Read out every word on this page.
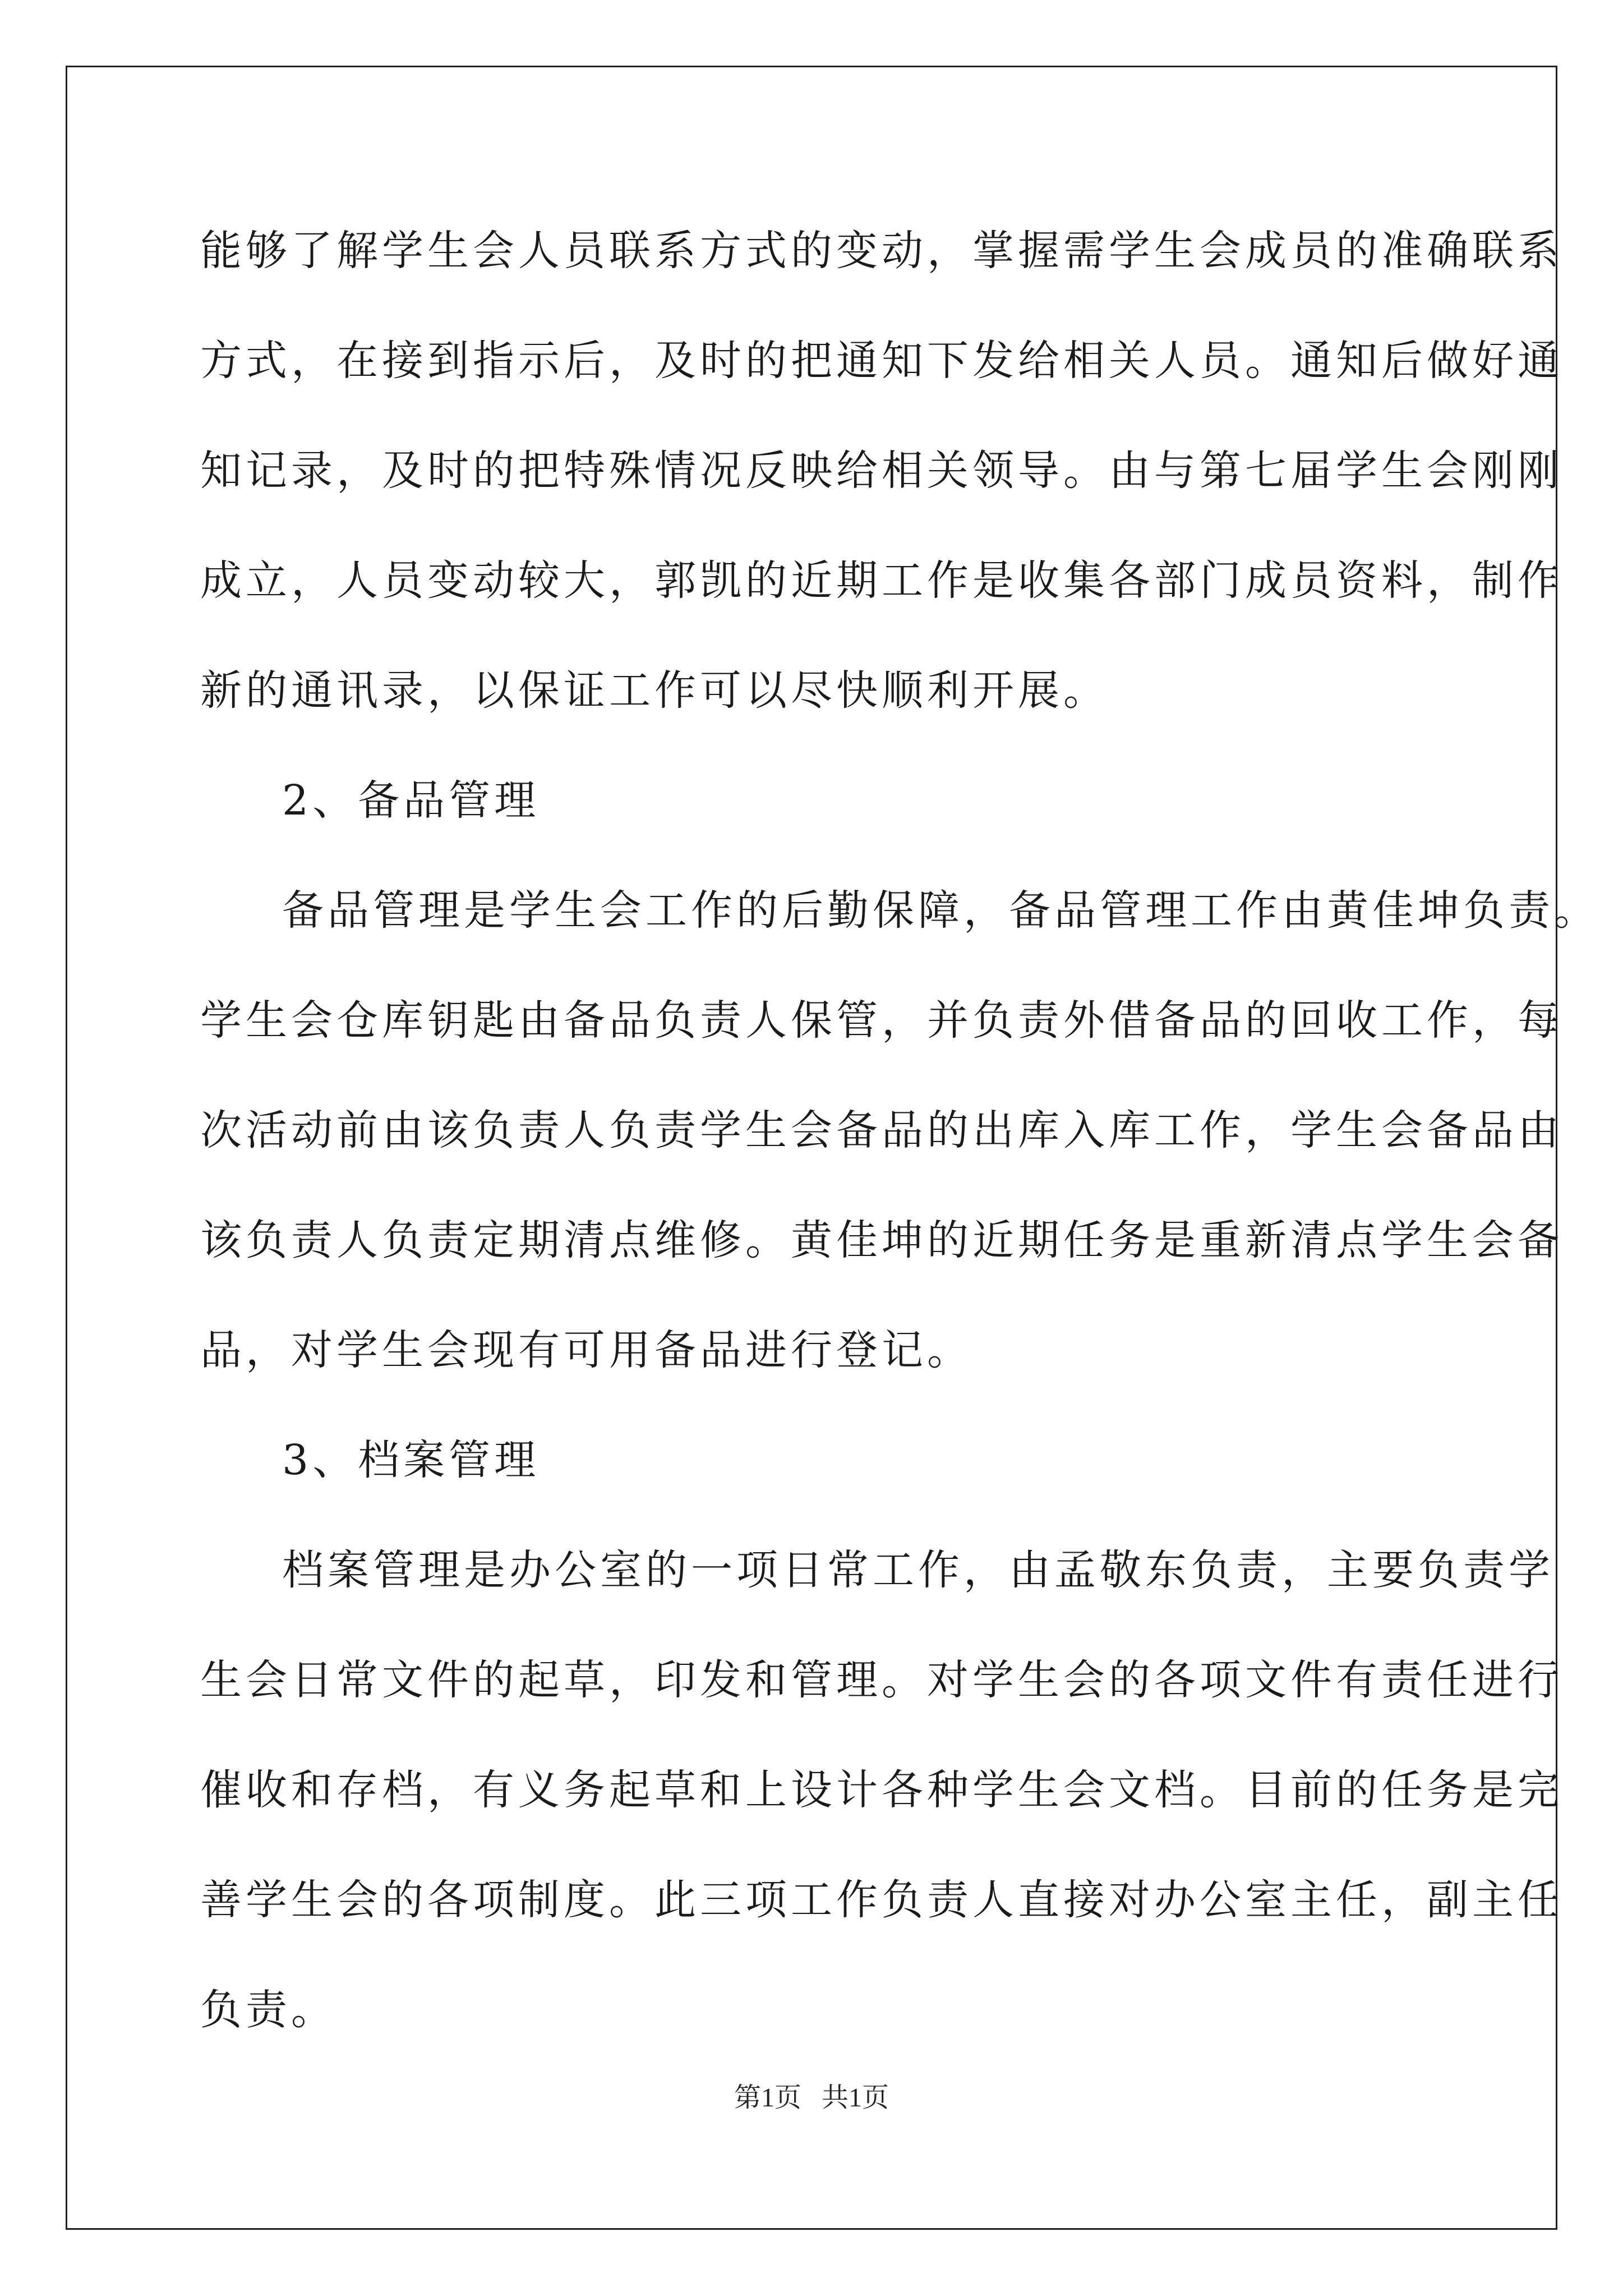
能够了解学生会人员联系方式的变动，掌握需学生会成员的准确联系
方式，在接到指示后，及时的把通知下发给相关人员。通知后做好通
知记录，及时的把特殊情况反映给相关领导。由与第七届学生会刚刚
成立，人员变动较大，郭凯的近期工作是收集各部门成员资料，制作
新的通讯录，以保证工作可以尽快顺利开展。
2、备品管理
备品管理是学生会工作的后勤保障，备品管理工作由黄佳坤负责。
学生会仓库钥匙由备品负责人保管，并负责外借备品的回收工作，每
次活动前由该负责人负责学生会备品的出库入库工作，学生会备品由
该负责人负责定期清点维修。黄佳坤的近期任务是重新清点学生会备
品，对学生会现有可用备品进行登记。
3、档案管理
档案管理是办公室的一项日常工作，由孟敬东负责，主要负责学
生会日常文件的起草，印发和管理。对学生会的各项文件有责任进行
催收和存档，有义务起草和上设计各种学生会文档。目前的任务是完
善学生会的各项制度。此三项工作负责人直接对办公室主任，副主任
负责。
第1页   共1页
